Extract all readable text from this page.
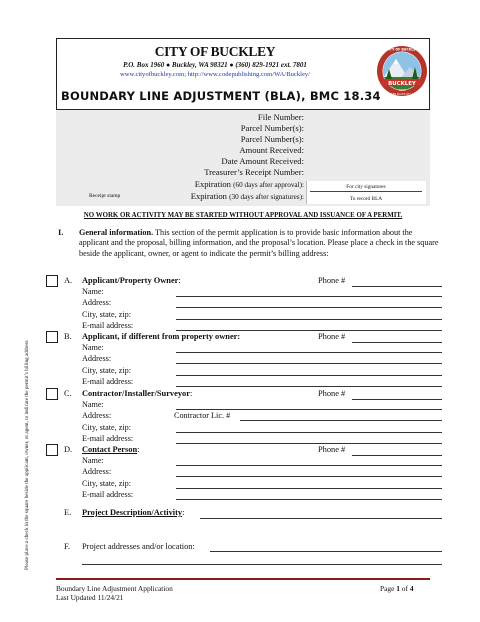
CITY OF BUCKLEY
P.O. Box 1960 ● Buckley, WA 98321 ● (360) 829-1921 ext. 7801
www.cityofbuckley.com; http://www.codepublishing.com/WA/Buckley/
BOUNDARY LINE ADJUSTMENT (BLA), BMC 18.34
BUCKLEY
1890
CITY OF BUCKLEY
PREMIER PLACE OF LIVING
File Number:
Parcel Number(s):
Parcel Number(s):
Amount Received:
Date Amount Received:
Treasurer’s Receipt Number:
Expiration (60 days after approval):
Expiration (30 days after signatures):
Receipt stamp
For city signatures
To record BLA
NO WORK OR ACTIVITY MAY BE STARTED WITHOUT APPROVAL AND ISSUANCE OF A PERMIT.
I. General information. This section of the permit application is to provide basic information about the applicant and the proposal, billing information, and the proposal’s location. Please place a check in the square beside the applicant, owner, or agent to indicate the permit’s billing address:
Please place a check in the square beside the applicant, owner, or agent, to indicate the permit’s billing address
A. Applicant/Property Owner:	Phone #
Name:
Address:
City, state, zip:
E-mail address:
B. Applicant, if different from property owner:	Phone #
Name:
Address:
City, state, zip:
E-mail address:
C. Contractor/Installer/Surveyor:	Phone #
Name:
Address:	Contractor Lic. #
City, state, zip:
E-mail address:
D. Contact Person:	Phone #
Name:
Address:
City, state, zip:
E-mail address:
E. Project Description/Activity:
F. Project addresses and/or location:
Boundary Line Adjustment Application
Last Updated 11/24/21
Page 1 of 4
